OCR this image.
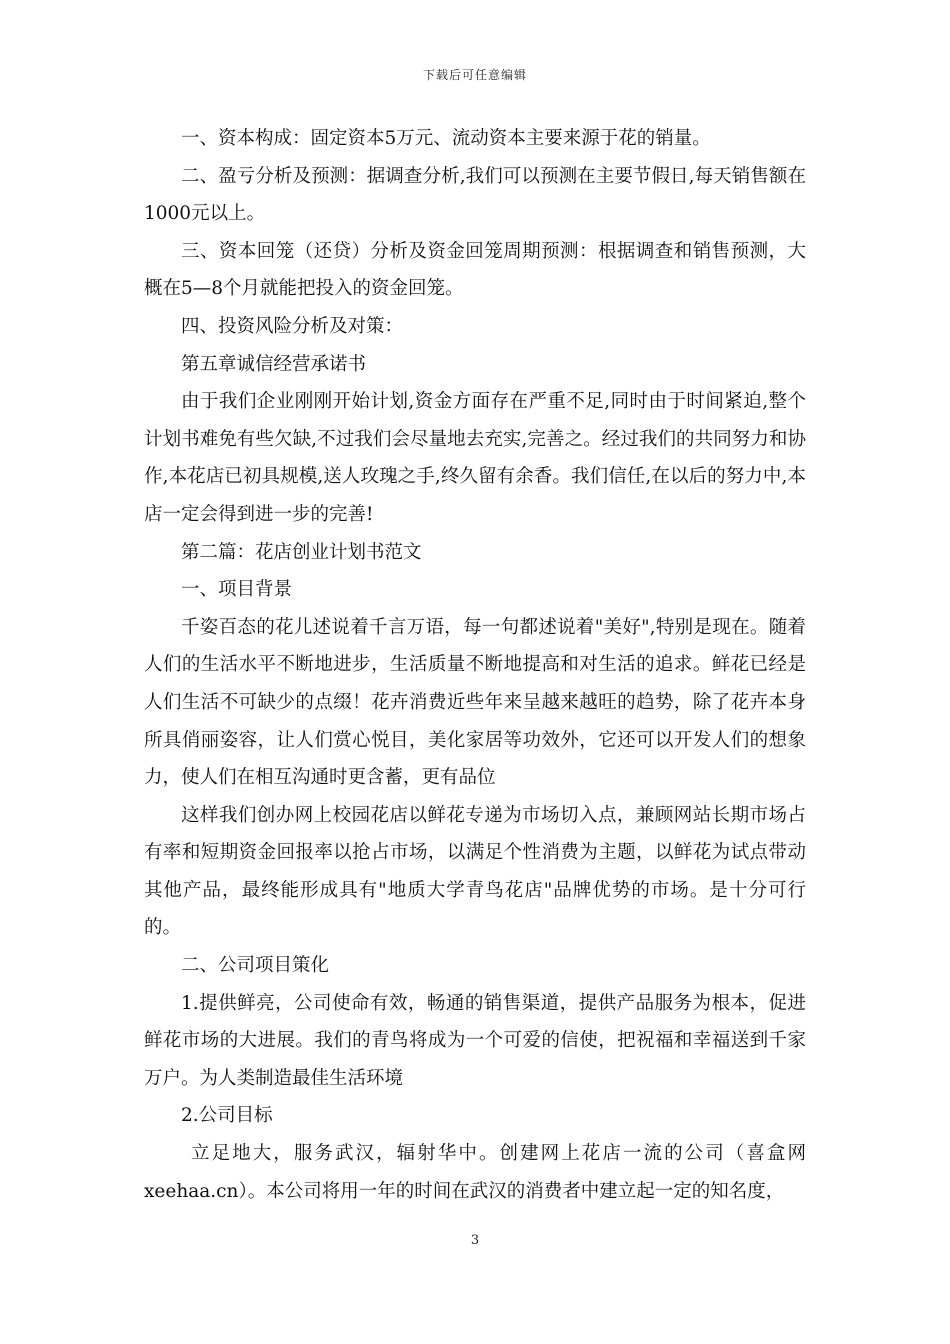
下载后可任意编辑

一、资本构成：固定资本5万元、流动资本主要来源于花的销量。

二、盈亏分析及预测：据调查分析,我们可以预测在主要节假日,每天销售额在1000元以上。

三、资本回笼（还贷）分析及资金回笼周期预测：根据调查和销售预测，大概在5—8个月就能把投入的资金回笼。

四、投资风险分析及对策：

第五章诚信经营承诺书

由于我们企业刚刚开始计划,资金方面存在严重不足,同时由于时间紧迫,整个计划书难免有些欠缺,不过我们会尽量地去充实,完善之。经过我们的共同努力和协作,本花店已初具规模,送人玫瑰之手,终久留有余香。我们信任,在以后的努力中,本店一定会得到进一步的完善!

第二篇：花店创业计划书范文

一、项目背景

千姿百态的花儿述说着千言万语，每一句都述说着"美好",特别是现在。随着人们的生活水平不断地进步，生活质量不断地提高和对生活的追求。鲜花已经是人们生活不可缺少的点缀！花卉消费近些年来呈越来越旺的趋势，除了花卉本身所具俏丽姿容，让人们赏心悦目，美化家居等功效外，它还可以开发人们的想象力，使人们在相互沟通时更含蓄，更有品位

这样我们创办网上校园花店以鲜花专递为市场切入点，兼顾网站长期市场占有率和短期资金回报率以抢占市场，以满足个性消费为主题，以鲜花为试点带动其他产品，最终能形成具有"地质大学青鸟花店"品牌优势的市场。是十分可行的。

二、公司项目策化

1.提供鲜亮，公司使命有效，畅通的销售渠道，提供产品服务为根本，促进鲜花市场的大进展。我们的青鸟将成为一个可爱的信使，把祝福和幸福送到千家万户。为人类制造最佳生活环境

2.公司目标

立足地大，服务武汉，辐射华中。创建网上花店一流的公司（喜盒网xeehaa.cn）。本公司将用一年的时间在武汉的消费者中建立起一定的知名度，

3
